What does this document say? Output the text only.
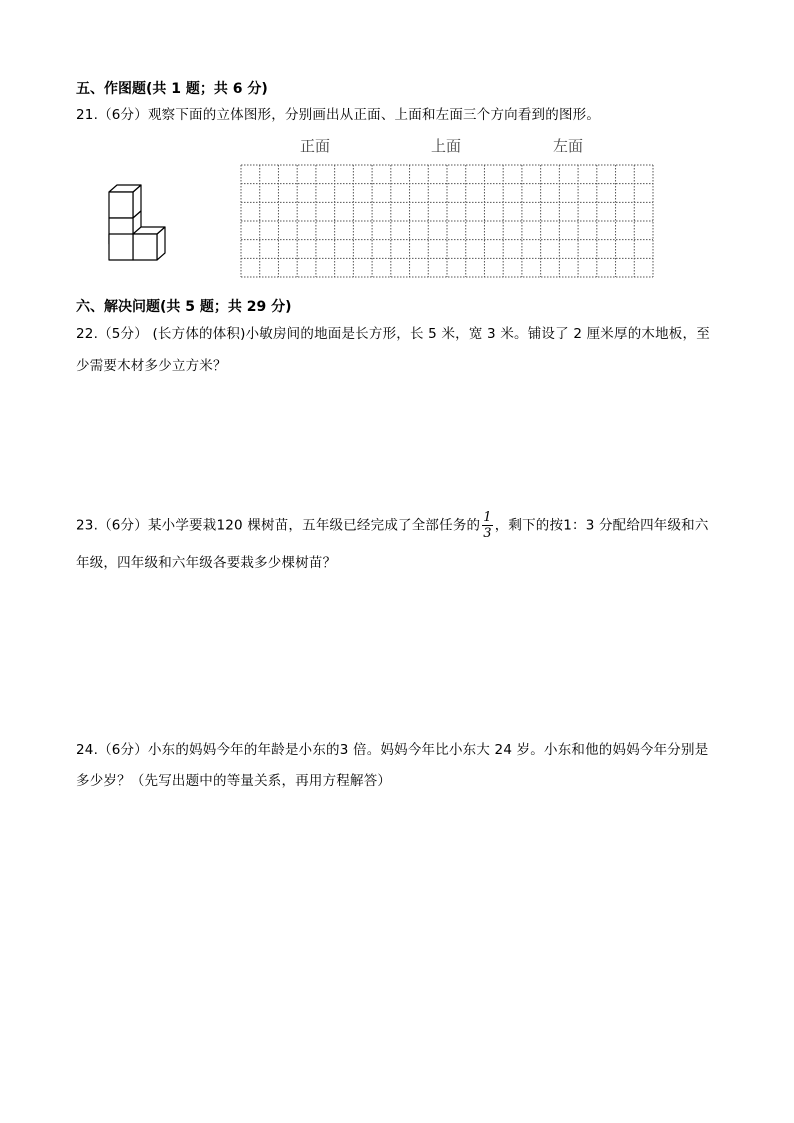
五、作图题(共 1 题；共 6 分)
21.（6分）观察下面的立体图形，分别画出从正面、上面和左面三个方向看到的图形。
正面	上面	左面
六、解决问题(共 5 题；共 29 分)
22.（5分） (长方体的体积)小敏房间的地面是长方形，长 5 米，宽 3 米。铺设了 2 厘米厚的木地板，至
少需要木材多少立方米？
23.（6分）某小学要栽120 棵树苗，五年级已经完成了全部任务的 $\frac{1}{3}$ ，剩下的按1：3 分配给四年级和六
年级，四年级和六年级各要栽多少棵树苗？
24.（6分）小东的妈妈今年的年龄是小东的3 倍。妈妈今年比小东大 24 岁。小东和他的妈妈今年分别是
多少岁？（先写出题中的等量关系，再用方程解答）
